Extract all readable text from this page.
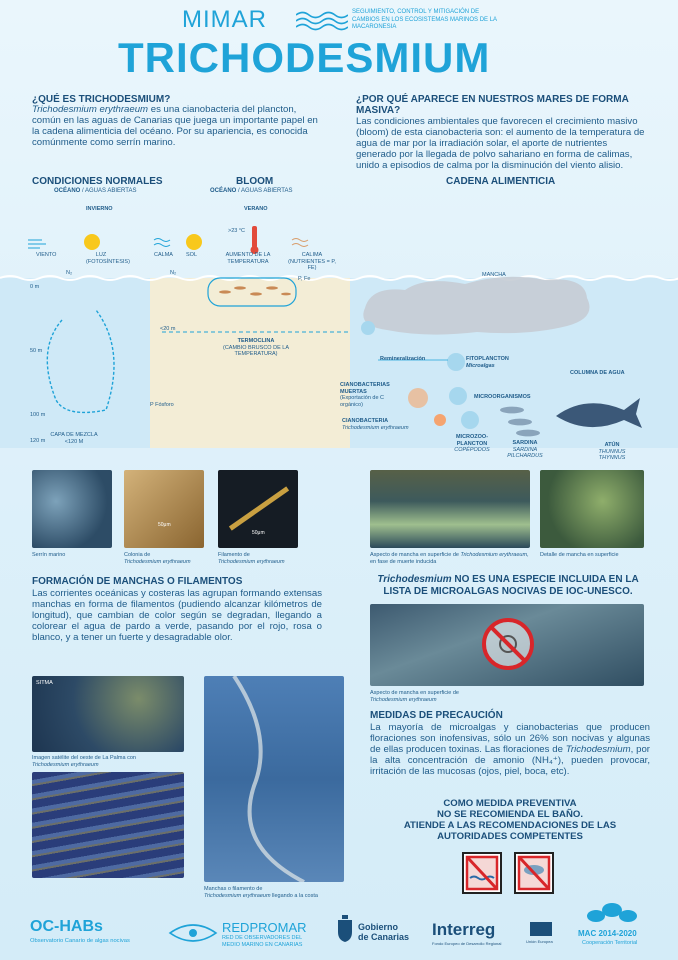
MIMAR	SEGUIMIENTO, CONTROL Y MITIGACIÓN DE CAMBIOS EN LOS ECOSISTEMAS MARINOS DE LA MACARONESIA
TRICHODESMIUM
¿QUÉ ES TRICHODESMIUM?

Trichodesmium erythraeum es una cianobacteria del plancton, común en las aguas de Canarias que juega un importante papel en la cadena alimenticia del océano. Por su apariencia, es conocida comúnmente como serrín marino.

¿POR QUÉ APARECE EN NUESTROS MARES DE FORMA MASIVA?

Las condiciones ambientales que favorecen el crecimiento masivo (bloom) de esta cianobacteria son: el aumento de la temperatura de agua de mar por la irradiación solar, el aporte de nutrientes generado por la llegada de polvo sahariano en forma de calimas, unido a episodios de calma por la disminución del viento alisio.

CONDICIONES NORMALES
OCÉANO / AGUAS ABIERTAS
BLOOM
OCÉANO / AGUAS ABIERTAS
CADENA ALIMENTICIA
INVIERNO	VERANO
VIENTO	LUZ
(FOTOSÍNTESIS)
CALMA SOL
>23 °C
AUMENTO DE LA TEMPERATURA
CALIMA
(NUTRIENTES = P, FE)
N₂	N₂
P, Fe
0 m
50 m
100 m
120 m
<20 m
P Fósforo
CAPA DE MEZCLA
<120 M
TERMOCLINA
(CAMBIO BRUSCO DE LA TEMPERATURA)
MANCHA
Remineralización	FITOPLANCTON
Microalgas
COLUMNA DE AGUA
CIANOBACTERIAS MUERTAS
(Exportación de C orgánico)
MICROORGANISMOS
CIANOBACTERIA
Trichodesmium erythraeum
MICROZOO-PLANCTON
COPÉPODOS
SARDINA
SARDINA PILCHARDUS
ATÚN
THUNNUS THYNNUS
Serrín marino
50μm
Colonia de
Trichodesmium erythraeum
50μm
Filamento de
Trichodesmium erythraeum
Aspecto de mancha en superficie de Trichodesmium erythraeum, en fase de muerte inducida
Detalle de mancha en superficie
FORMACIÓN DE MANCHAS O FILAMENTOS

Las corrientes oceánicas y costeras las agrupan formando extensas manchas en forma de filamentos (pudiendo alcanzar kilómetros de longitud), que cambian de color según se degradan, llegando a colorear el agua de pardo a verde, pasando por el rojo, rosa o blanco, y a tener un fuerte y desagradable olor.

Trichodesmium NO ES UNA ESPECIE INCLUIDA EN LA LISTA DE MICROALGAS NOCIVAS DE IOC-UNESCO.
Aspecto de mancha en superficie de
Trichodesmium erythraeum
SITMA
Imagen satélite del oeste de La Palma con
Trichodesmium erythraeum
Manchas o filamento de
Trichodesmium erythraeum llegando a la costa
MEDIDAS DE PRECAUCIÓN

La mayoría de microalgas y cianobacterias que producen floraciones son inofensivas, sólo un 26% son nocivas y algunas de ellas producen toxinas. Las floraciones de Trichodesmium, por la alta concentración de amonio (NH₄⁺), pueden provocar, irritación de las mucosas (ojos, piel, boca, etc).

COMO MEDIDA PREVENTIVA
NO SE RECOMIENDA EL BAÑO.
ATIENDE A LAS RECOMENDACIONES DE LAS AUTORIDADES COMPETENTES
OC-HABs
Observatorio Canario de algas nocivas
REDPROMAR
RED DE OBSERVADORES DEL
MEDIO MARINO EN CANARIAS
Gobierno
de Canarias Interreg
Fondo Europeo de Desarrollo Regional	Unión Europea
MAC 2014-2020
Cooperación Territorial
